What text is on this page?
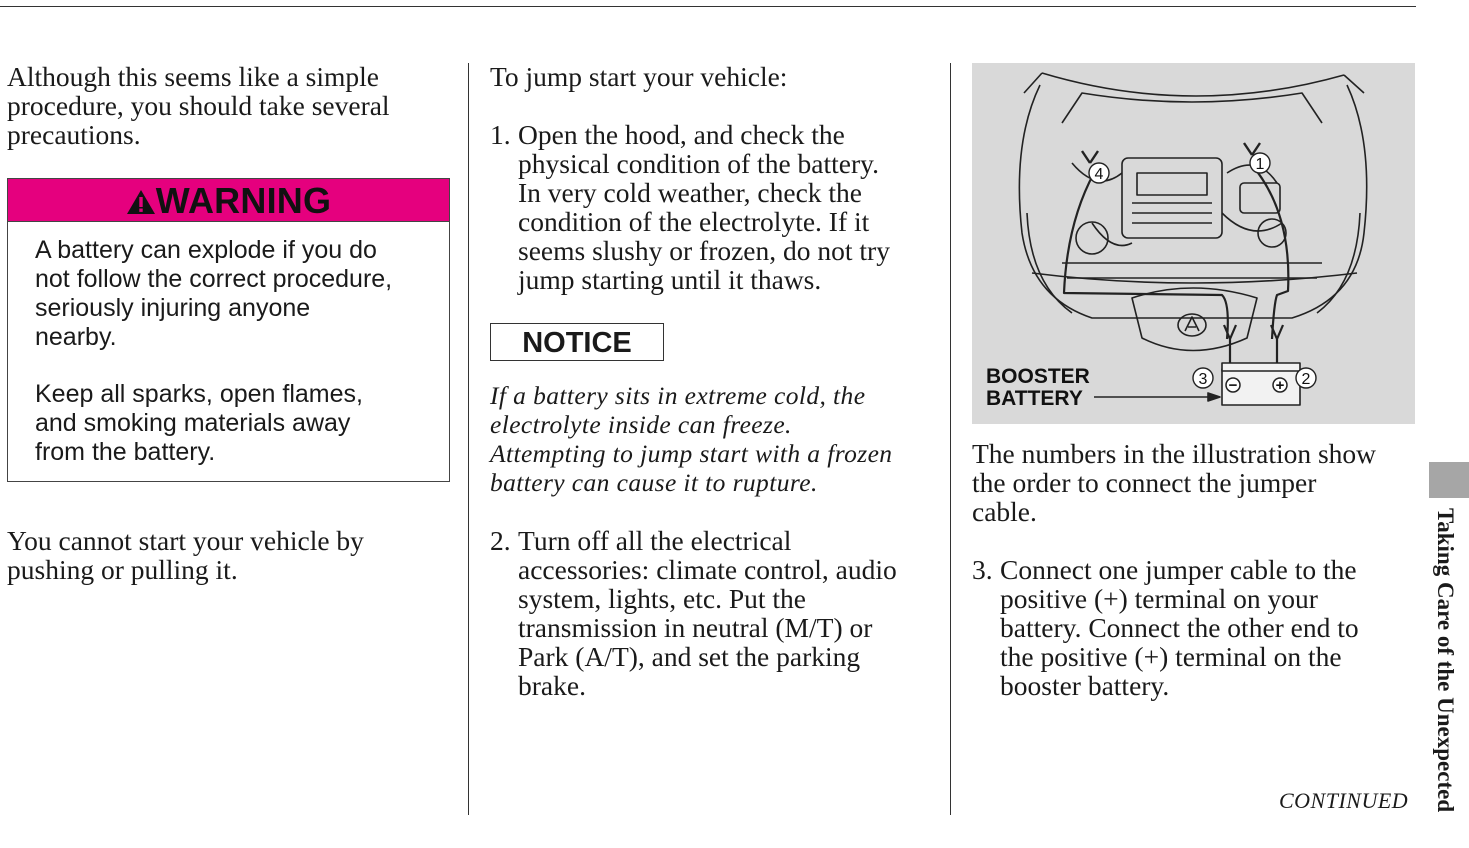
Although this seems like a simple
procedure, you should take several
precautions.

WARNING

A battery can explode if you do
not follow the correct procedure,
seriously injuring anyone
nearby.

Keep all sparks, open flames,
and smoking materials away
from the battery.

You cannot start your vehicle by
pushing or pulling it.

To jump start your vehicle:

1. Open the hood, and check the
physical condition of the battery.
In very cold weather, check the
condition of the electrolyte. If it
seems slushy or frozen, do not try
jump starting until it thaws.
NOTICE

If a battery sits in extreme cold, the
electrolyte inside can freeze.
Attempting to jump start with a frozen
battery can cause it to rupture.

2. Turn off all the electrical
accessories: climate control, audio
system, lights, etc. Put the
transmission in neutral (M/T) or
Park (A/T), and set the parking
brake.
−	+
1
2
3
4
BOOSTER
BATTERY

The numbers in the illustration show
the order to connect the jumper
cable.

3. Connect one jumper cable to the
positive (+) terminal on your
battery. Connect the other end to
the positive (+) terminal on the
booster battery.	Taking Care of the Unexpected
CONTINUED
